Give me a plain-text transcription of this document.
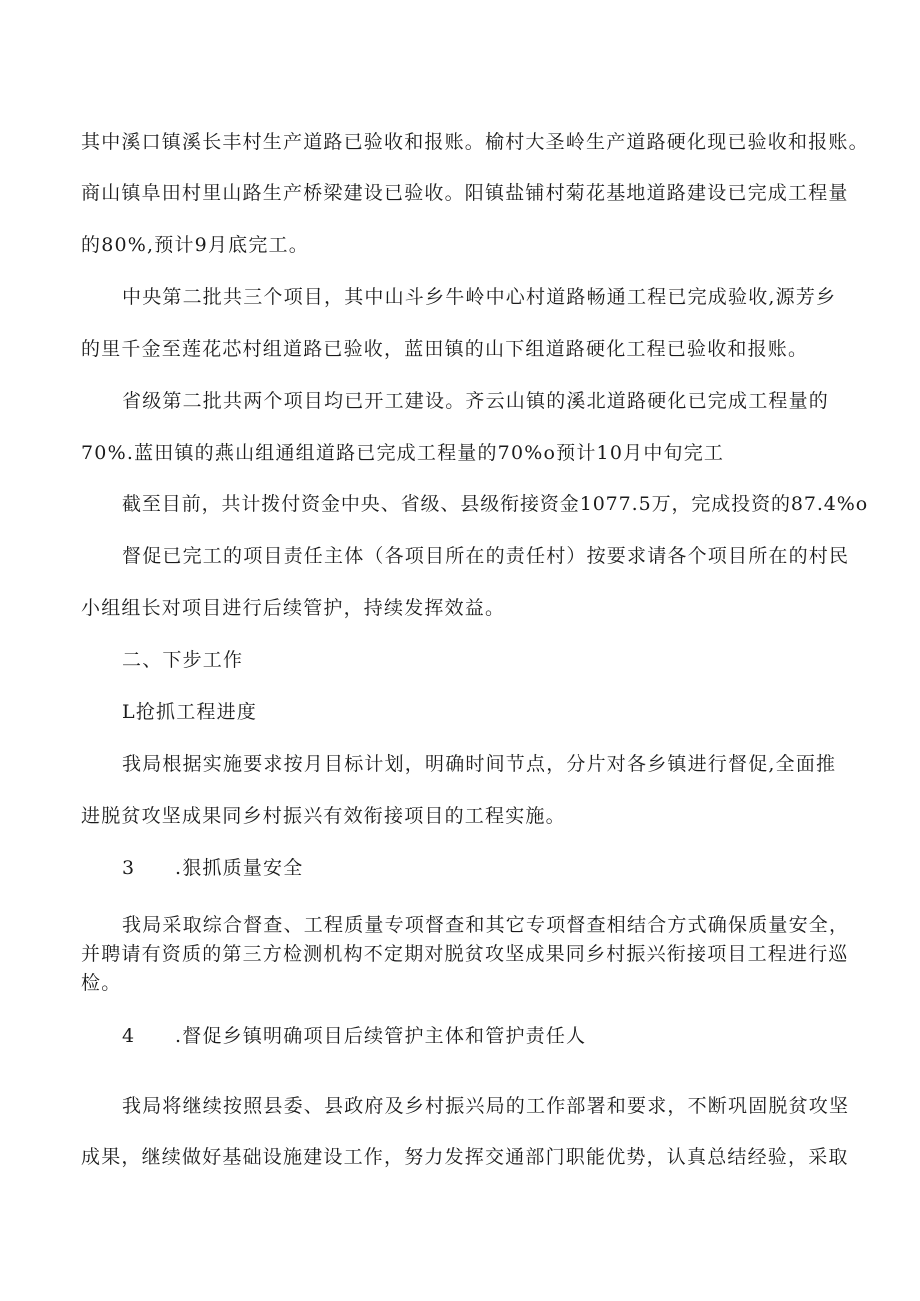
其中溪口镇溪长丰村生产道路已验收和报账。榆村大圣岭生产道路硬化现已验收和报账。
商山镇阜田村里山路生产桥梁建设已验收。阳镇盐铺村菊花基地道路建设已完成工程量
的80%,预计9月底完工。
中央第二批共三个项目，其中山斗乡牛岭中心村道路畅通工程已完成验收,源芳乡
的里千金至莲花芯村组道路已验收，蓝田镇的山下组道路硬化工程已验收和报账。
省级第二批共两个项目均已开工建设。齐云山镇的溪北道路硬化已完成工程量的
70%.蓝田镇的燕山组通组道路已完成工程量的70%o预计10月中旬完工
截至目前，共计拨付资金中央、省级、县级衔接资金1077.5万，完成投资的87.4%o
督促已完工的项目责任主体（各项目所在的责任村）按要求请各个项目所在的村民
小组组长对项目进行后续管护，持续发挥效益。
二、下步工作
L抢抓工程进度
我局根据实施要求按月目标计划，明确时间节点，分片对各乡镇进行督促,全面推
进脱贫攻坚成果同乡村振兴有效衔接项目的工程实施。
3 .狠抓质量安全
我局采取综合督查、工程质量专项督查和其它专项督查相结合方式确保质量安全，
并聘请有资质的第三方检测机构不定期对脱贫攻坚成果同乡村振兴衔接项目工程进行巡
检。
4 .督促乡镇明确项目后续管护主体和管护责任人
我局将继续按照县委、县政府及乡村振兴局的工作部署和要求，不断巩固脱贫攻坚
成果，继续做好基础设施建设工作，努力发挥交通部门职能优势，认真总结经验，采取
